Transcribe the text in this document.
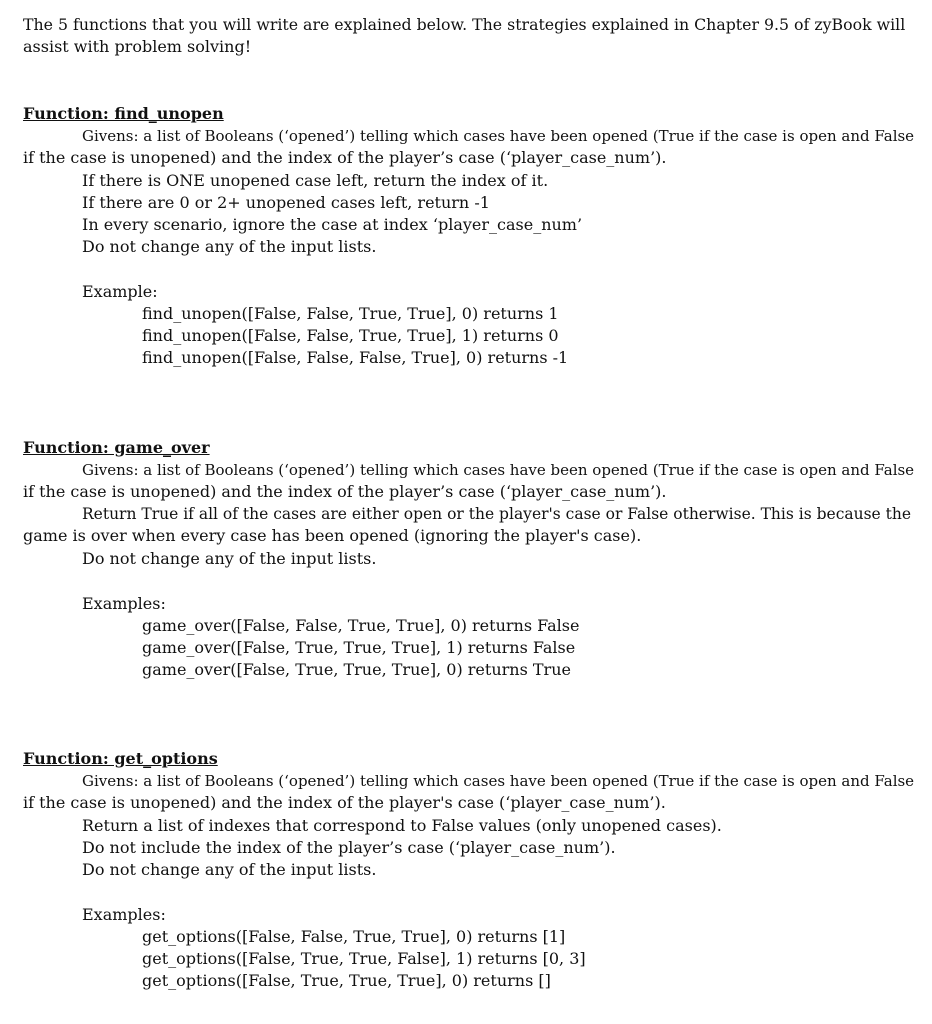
The 5 functions that you will write are explained below. The strategies explained in Chapter 9.5 of zyBook will
assist with problem solving!
Function: find_unopen
Givens: a list of Booleans (‘opened’) telling which cases have been opened (True if the case is open and False
if the case is unopened) and the index of the player’s case (‘player_case_num’).
If there is ONE unopened case left, return the index of it.
If there are 0 or 2+ unopened cases left, return -1
In every scenario, ignore the case at index ‘player_case_num’
Do not change any of the input lists.
Example:
find_unopen([False, False, True, True], 0) returns 1
find_unopen([False, False, True, True], 1) returns 0
find_unopen([False, False, False, True], 0) returns -1
Function: game_over
Givens: a list of Booleans (‘opened’) telling which cases have been opened (True if the case is open and False
if the case is unopened) and the index of the player’s case (‘player_case_num’).
Return True if all of the cases are either open or the player's case or False otherwise. This is because the
game is over when every case has been opened (ignoring the player's case).
Do not change any of the input lists.
Examples:
game_over([False, False, True, True], 0) returns False
game_over([False, True, True, True], 1) returns False
game_over([False, True, True, True], 0) returns True
Function: get_options
Givens: a list of Booleans (‘opened’) telling which cases have been opened (True if the case is open and False
if the case is unopened) and the index of the player's case (‘player_case_num’).
Return a list of indexes that correspond to False values (only unopened cases).
Do not include the index of the player’s case (‘player_case_num’).
Do not change any of the input lists.
Examples:
get_options([False, False, True, True], 0) returns [1]
get_options([False, True, True, False], 1) returns [0, 3]
get_options([False, True, True, True], 0) returns []
